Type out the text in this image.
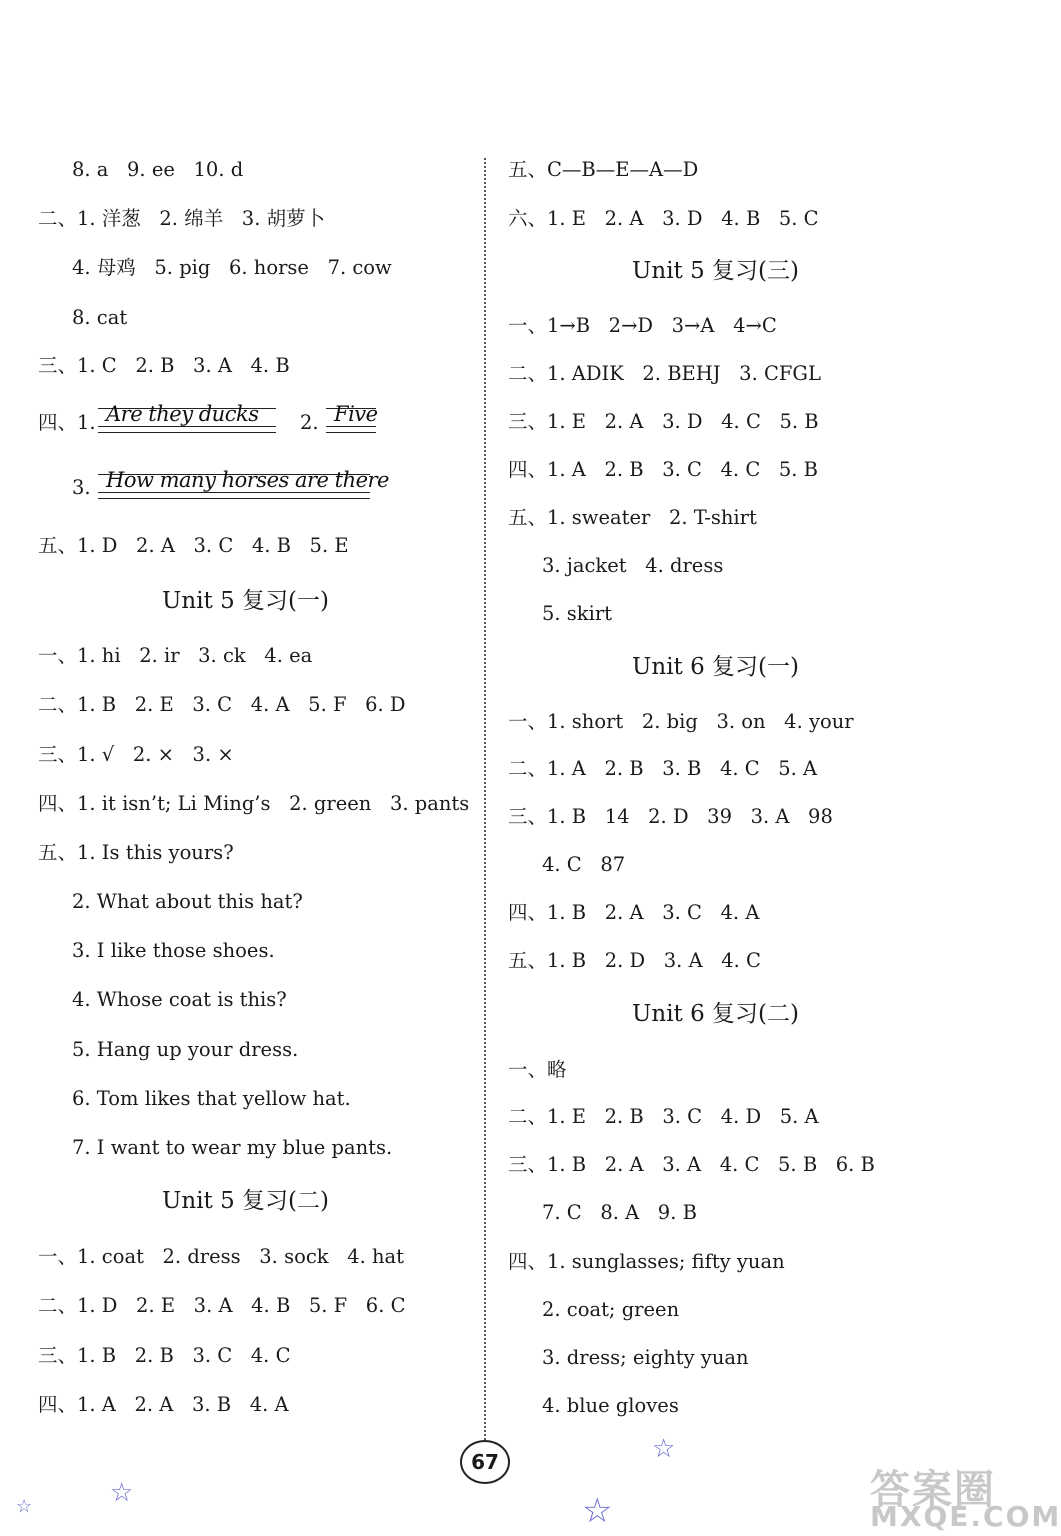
8. a   9. ee   10. d
二、1. 洋葱   2. 绵羊   3. 胡萝卜
4. 母鸡   5. pig   6. horse   7. cow
8. cat
三、1. C   2. B   3. A   4. B
四、1. Are they ducks 2. Five
3. How many horses are there
五、1. D   2. A   3. C   4. B   5. E
Unit 5 复习(一)
一、1. hi   2. ir   3. ck   4. ea
二、1. B   2. E   3. C   4. A   5. F   6. D
三、1. √   2. ×   3. ×
四、1. it isn’t; Li Ming’s   2. green   3. pants
五、1. Is this yours?
2. What about this hat?
3. I like those shoes.
4. Whose coat is this?
5. Hang up your dress.
6. Tom likes that yellow hat.
7. I want to wear my blue pants.
Unit 5 复习(二)
一、1. coat   2. dress   3. sock   4. hat
二、1. D   2. E   3. A   4. B   5. F   6. C
三、1. B   2. B   3. C   4. C
四、1. A   2. A   3. B   4. A
五、C—B—E—A—D
六、1. E   2. A   3. D   4. B   5. C
Unit 5 复习(三)
一、1→B   2→D   3→A   4→C
二、1. ADIK   2. BEHJ   3. CFGL
三、1. E   2. A   3. D   4. C   5. B
四、1. A   2. B   3. C   4. C   5. B
五、1. sweater   2. T-shirt
3. jacket   4. dress
5. skirt
Unit 6 复习(一)
一、1. short   2. big   3. on   4. your
二、1. A   2. B   3. B   4. C   5. A
三、1. B   14   2. D   39   3. A   98
4. C   87
四、1. B   2. A   3. C   4. A
五、1. B   2. D   3. A   4. C
Unit 6 复习(二)
一、略
二、1. E   2. B   3. C   4. D   5. A
三、1. B   2. A   3. A   4. C   5. B   6. B
7. C   8. A   9. B
四、1. sunglasses; fifty yuan
2. coat; green
3. dress; eighty yuan
4. blue gloves
67
☆	☆	☆
☆
答案圈
MXQE.COM
